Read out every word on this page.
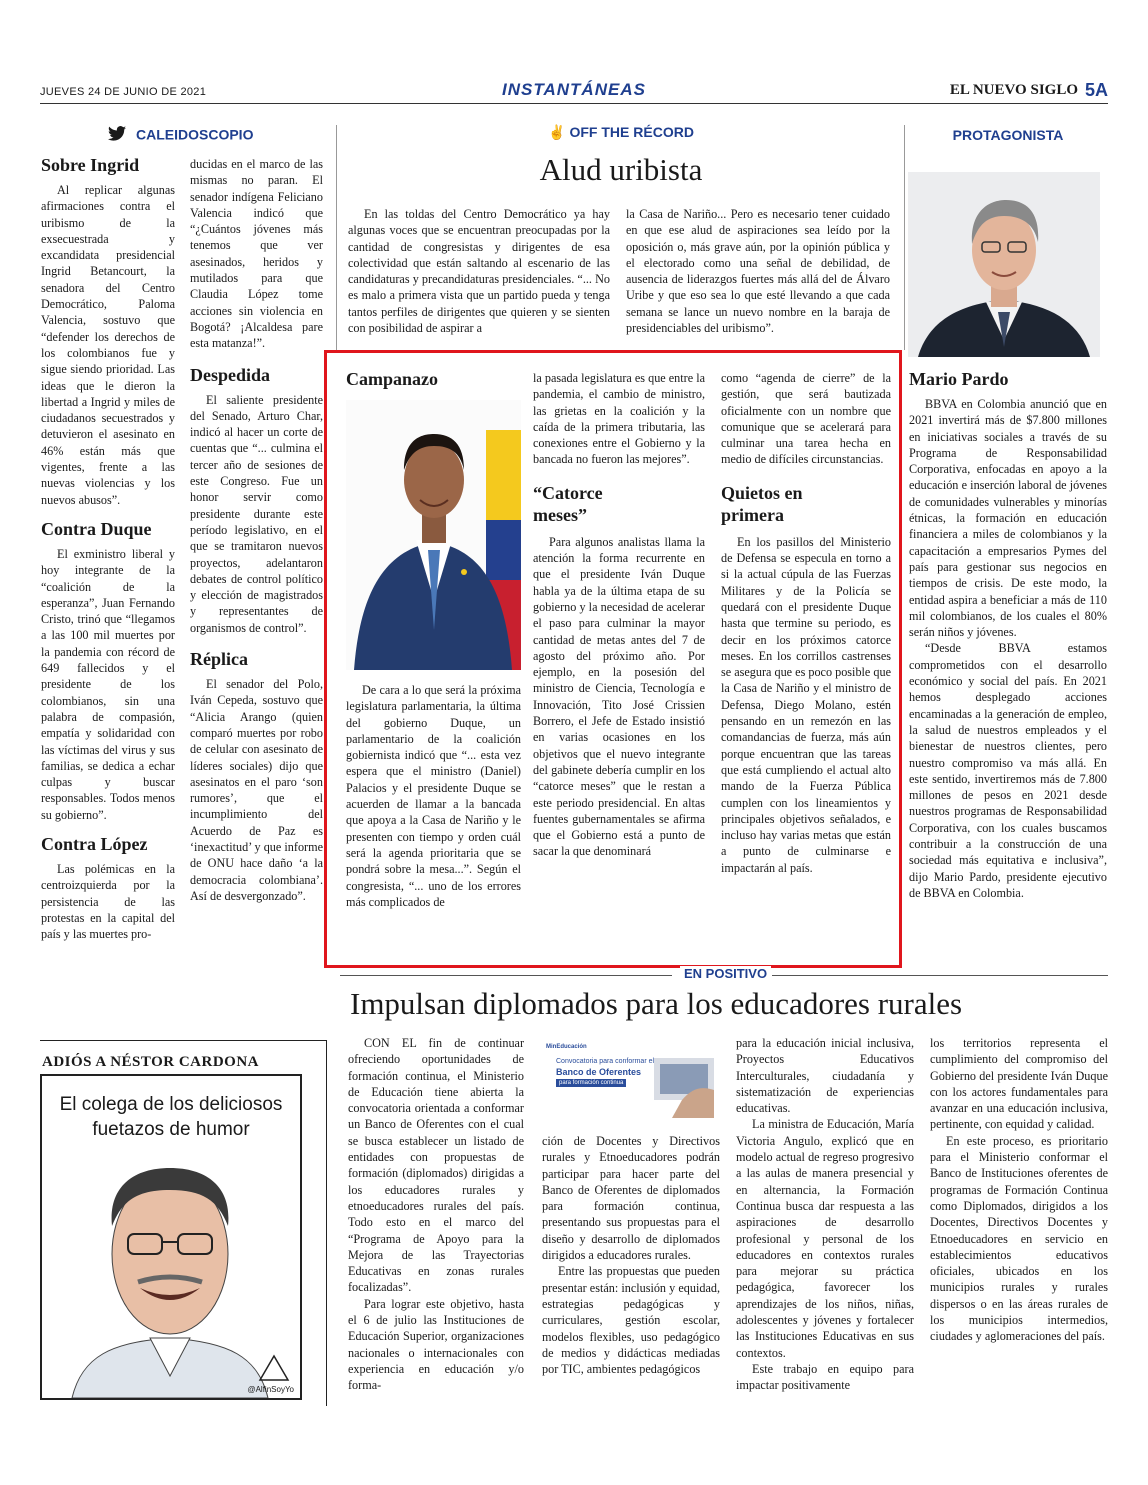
JUEVES 24 DE JUNIO DE 2021	INSTANTÁNEAS	EL NUEVO SIGLO 5A
CALEIDOSCOPIO
Sobre Ingrid

Al replicar algunas afirmaciones contra el uribismo de la exsecuestrada y excandidata presidencial Ingrid Betancourt, la senadora del Centro Democrático, Paloma Valencia, sostuvo que “defender los derechos de los colombianos fue y sigue siendo prioridad. Las ideas que le dieron la libertad a Ingrid y miles de ciudadanos secuestrados y detuvieron el asesinato en 46% están más que vigentes, frente a las nuevas violencias y los nuevos abusos”.

Contra Duque

El exministro liberal y hoy integrante de la “coalición de la esperanza”, Juan Fernando Cristo, trinó que “llegamos a las 100 mil muertes por la pandemia con récord de 649 fallecidos y el presidente de los colombianos, sin una palabra de compasión, empatía y solidaridad con las víctimas del virus y sus familias, se dedica a echar culpas y buscar responsables. Todos menos su gobierno”.

Contra López

Las polémicas en la centroizquierda por la persistencia de las protestas en la capital del país y las muertes pro-

ducidas en el marco de las mismas no paran. El senador indígena Feliciano Valencia indicó que “¿Cuántos jóvenes más tenemos que ver asesinados, heridos y mutilados para que Claudia López tome acciones sin violencia en Bogotá? ¡Alcaldesa pare esta matanza!”.

Despedida

El saliente presidente del Senado, Arturo Char, indicó al hacer un corte de cuentas que “... culmina el tercer año de sesiones de este Congreso. Fue un honor servir como presidente durante este período legislativo, en el que se tramitaron nuevos proyectos, adelantaron debates de control político y elección de magistrados y representantes de organismos de control”.

Réplica

El senador del Polo, Iván Cepeda, sostuvo que “Alicia Arango (quien comparó muertes por robo de celular con asesinato de líderes sociales) dijo que asesinatos en el paro ‘son rumores’, que el incumplimiento del Acuerdo de Paz es ‘inexactitud’ y que informe de ONU hace daño ‘a la democracia colombiana’. Así de desvergonzado”.

✌ OFF THE RÉCORD
Alud uribista

En las toldas del Centro Democrático ya hay algunas voces que se encuentran preocupadas por la cantidad de congresistas y dirigentes de esa colectividad que están saltando al escenario de las candidaturas y precandidaturas presidenciales. “... No es malo a primera vista que un partido pueda y tenga tantos perfiles de dirigentes que quieren y se sienten con posibilidad de aspirar a

la Casa de Nariño... Pero es necesario tener cuidado en que ese alud de aspiraciones sea leído por la oposición o, más grave aún, por la opinión pública y el electorado como una señal de debilidad, de ausencia de liderazgos fuertes más allá del de Álvaro Uribe y que eso sea lo que esté llevando a que cada semana se lance un nuevo nombre en la baraja de presidenciables del uribismo”.

PROTAGONISTA
Mario Pardo

BBVA en Colombia anunció que en 2021 invertirá más de $7.800 millones en iniciativas sociales a través de su Programa de Responsabilidad Corporativa, enfocadas en apoyo a la educación e inserción laboral de jóvenes de comunidades vulnerables y minorías étnicas, la formación en educación financiera a miles de colombianos y la capacitación a empresarios Pymes del país para gestionar sus negocios en tiempos de crisis. De este modo, la entidad aspira a beneficiar a más de 110 mil colombianos, de los cuales el 80% serán niños y jóvenes.

“Desde BBVA estamos comprometidos con el desarrollo económico y social del país. En 2021 hemos desplegado acciones encaminadas a la generación de empleo, la salud de nuestros empleados y el bienestar de nuestros clientes, pero nuestro compromiso va más allá. En este sentido, invertiremos más de 7.800 millones de pesos en 2021 desde nuestros programas de Responsabilidad Corporativa, con los cuales buscamos contribuir a la construcción de una sociedad más equitativa e inclusiva”, dijo Mario Pardo, presidente ejecutivo de BBVA en Colombia.

Campanazo

De cara a lo que será la próxima legislatura parlamentaria, la última del gobierno Duque, un parlamentario de la coalición gobiernista indicó que “... esta vez espera que el ministro (Daniel) Palacios y el presidente Duque se acuerden de llamar a la bancada que apoya a la Casa de Nariño y le presenten con tiempo y orden cuál será la agenda prioritaria que se pondrá sobre la mesa...”. Según el congresista, “... uno de los errores más complicados de

la pasada legislatura es que entre la pandemia, el cambio de ministro, las grietas en la coalición y la caída de la primera tributaria, las conexiones entre el Gobierno y la bancada no fueron las mejores”.

“Catorce meses”

Para algunos analistas llama la atención la forma recurrente en que el presidente Iván Duque habla ya de la última etapa de su gobierno y la necesidad de acelerar el paso para culminar la mayor cantidad de metas antes del 7 de agosto del próximo año. Por ejemplo, en la posesión del ministro de Ciencia, Tecnología e Innovación, Tito José Crissien Borrero, el Jefe de Estado insistió en varias ocasiones en los objetivos que el nuevo integrante del gabinete debería cumplir en los “catorce meses” que le restan a este periodo presidencial. En altas fuentes gubernamentales se afirma que el Gobierno está a punto de sacar la que denominará

como “agenda de cierre” de la gestión, que será bautizada oficialmente con un nombre que comunique que se acelerará para culminar una tarea hecha en medio de difíciles circunstancias.

Quietos en primera

En los pasillos del Ministerio de Defensa se especula en torno a si la actual cúpula de las Fuerzas Militares y de la Policía se quedará con el presidente Duque hasta que termine su periodo, es decir en los próximos catorce meses. En los corrillos castrenses se asegura que es poco posible que la Casa de Nariño y el ministro de Defensa, Diego Molano, estén pensando en un remezón en las comandancias de fuerza, más aún porque encuentran que las tareas que está cumpliendo el actual alto mando de la Fuerza Pública cumplen con los lineamientos y principales objetivos señalados, e incluso hay varias metas que están a punto de culminarse e impactarán al país.

EN POSITIVO
Impulsan diplomados para los educadores rurales

CON EL fin de continuar ofreciendo oportunidades de formación continua, el Ministerio de Educación tiene abierta la convocatoria orientada a conformar un Banco de Oferentes con el cual se busca establecer un listado de entidades con propuestas de formación (diplomados) dirigidas a los educadores rurales y etnoeducadores rurales del país. Todo esto en el marco del “Programa de Apoyo para la Mejora de las Trayectorias Educativas en zonas rurales focalizadas”.

Para lograr este objetivo, hasta el 6 de julio las Instituciones de Educación Superior, organizaciones nacionales o internacionales con experiencia en educación y/o forma-

MinEducación
Convocatoria para conformar el
Banco de Oferentes
para formación continua

ción de Docentes y Directivos rurales y Etnoeducadores podrán participar para hacer parte del Banco de Oferentes de diplomados para formación continua, presentando sus propuestas para el diseño y desarrollo de diplomados dirigidos a educadores rurales.

Entre las propuestas que pueden presentar están: inclusión y equidad, estrategias pedagógicas y curriculares, gestión escolar, modelos flexibles, uso pedagógico de medios y didácticas mediadas por TIC, ambientes pedagógicos

para la educación inicial inclusiva, Proyectos Educativos Interculturales, ciudadanía y sistematización de experiencias educativas.

La ministra de Educación, María Victoria Angulo, explicó que en modelo actual de regreso progresivo a las aulas de manera presencial y en alternancia, la Formación Continua busca dar respuesta a las aspiraciones de desarrollo profesional y personal de los educadores en contextos rurales para mejorar su práctica pedagógica, favorecer los aprendizajes de los niños, niñas, adolescentes y jóvenes y fortalecer las Instituciones Educativas en sus contextos.

Este trabajo en equipo para impactar positivamente

los territorios representa el cumplimiento del compromiso del Gobierno del presidente Iván Duque con los actores fundamentales para avanzar en una educación inclusiva, pertinente, con equidad y calidad.

En este proceso, es prioritario para el Ministerio conformar el Banco de Instituciones oferentes de programas de Formación Continua como Diplomados, dirigidos a los Docentes, Directivos Docentes y Etnoeducadores en servicio en establecimientos educativos oficiales, ubicados en los municipios rurales y rurales dispersos o en las áreas rurales de los municipios intermedios, ciudades y aglomeraciones del país.

ADIÓS A NÉSTOR CARDONA
El colega de los deliciosos fuetazos de humor
@AlfinSoyYo
